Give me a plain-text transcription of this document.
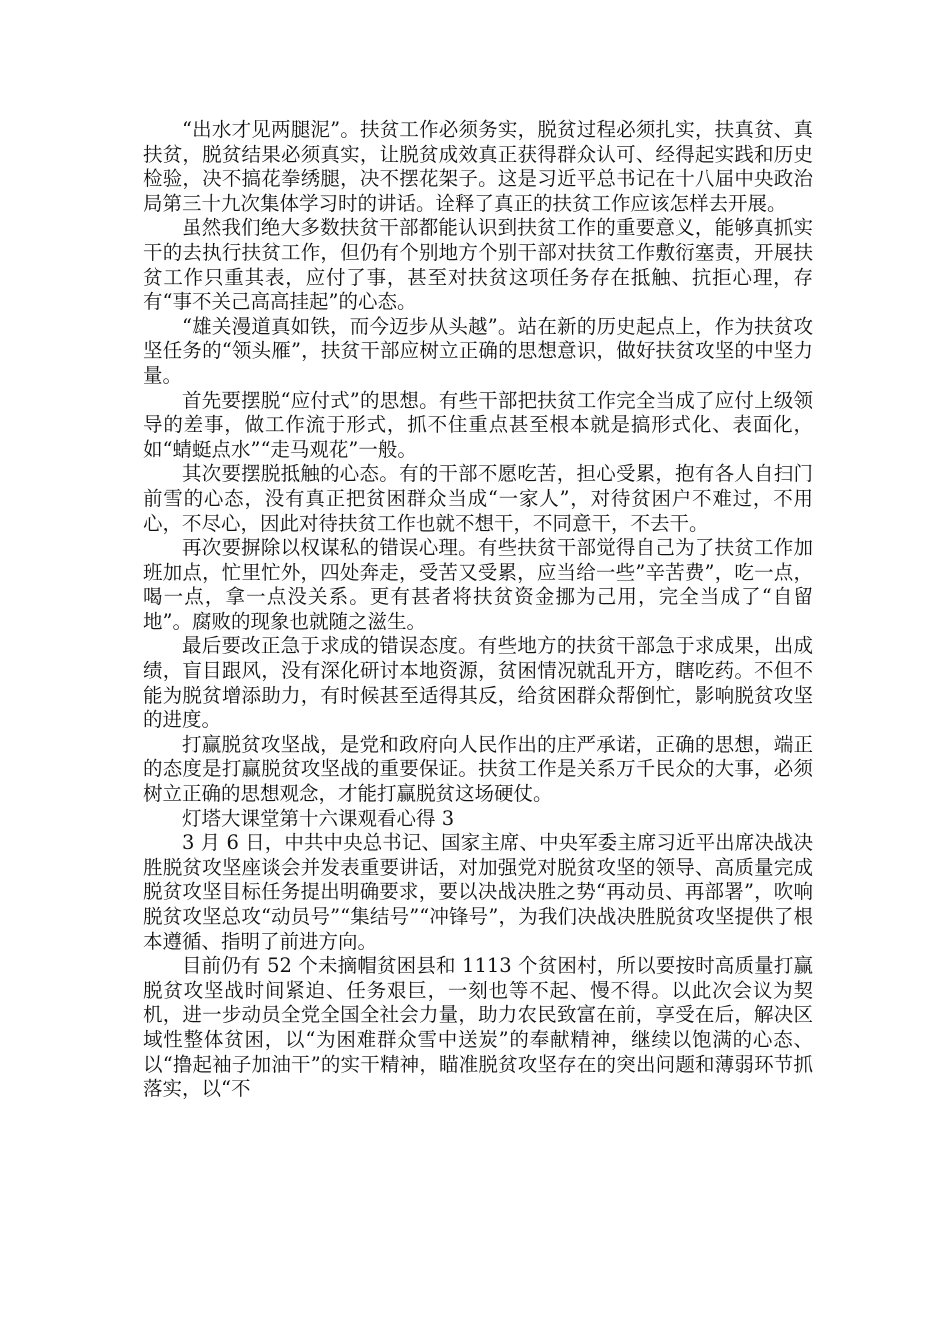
“出水才见两腿泥”。扶贫工作必须务实，脱贫过程必须扎实，扶真贫、真扶贫，脱贫结果必须真实，让脱贫成效真正获得群众认可、经得起实践和历史检验，决不搞花拳绣腿，决不摆花架子。这是习近平总书记在十八届中央政治局第三十九次集体学习时的讲话。诠释了真正的扶贫工作应该怎样去开展。

虽然我们绝大多数扶贫干部都能认识到扶贫工作的重要意义，能够真抓实干的去执行扶贫工作，但仍有个别地方个别干部对扶贫工作敷衍塞责，开展扶贫工作只重其表，应付了事，甚至对扶贫这项任务存在抵触、抗拒心理，存有“事不关己高高挂起”的心态。

“雄关漫道真如铁，而今迈步从头越”。站在新的历史起点上，作为扶贫攻坚任务的“领头雁”，扶贫干部应树立正确的思想意识，做好扶贫攻坚的中坚力量。

首先要摆脱“应付式”的思想。有些干部把扶贫工作完全当成了应付上级领导的差事，做工作流于形式，抓不住重点甚至根本就是搞形式化、表面化，如“蜻蜓点水”“走马观花”一般。

其次要摆脱抵触的心态。有的干部不愿吃苦，担心受累，抱有各人自扫门前雪的心态，没有真正把贫困群众当成“一家人”，对待贫困户不难过，不用心，不尽心，因此对待扶贫工作也就不想干，不同意干，不去干。

再次要摒除以权谋私的错误心理。有些扶贫干部觉得自己为了扶贫工作加班加点，忙里忙外，四处奔走，受苦又受累，应当给一些”辛苦费”，吃一点，喝一点，拿一点没关系。更有甚者将扶贫资金挪为己用，完全当成了“自留地”。腐败的现象也就随之滋生。

最后要改正急于求成的错误态度。有些地方的扶贫干部急于求成果，出成绩，盲目跟风，没有深化研讨本地资源，贫困情况就乱开方，瞎吃药。不但不能为脱贫增添助力，有时候甚至适得其反，给贫困群众帮倒忙，影响脱贫攻坚的进度。

打赢脱贫攻坚战，是党和政府向人民作出的庄严承诺，正确的思想，端正的态度是打赢脱贫攻坚战的重要保证。扶贫工作是关系万千民众的大事，必须树立正确的思想观念，才能打赢脱贫这场硬仗。

灯塔大课堂第十六课观看心得 3

3 月 6 日，中共中央总书记、国家主席、中央军委主席习近平出席决战决胜脱贫攻坚座谈会并发表重要讲话，对加强党对脱贫攻坚的领导、高质量完成脱贫攻坚目标任务提出明确要求，要以决战决胜之势“再动员、再部署”，吹响脱贫攻坚总攻“动员号”“集结号”“冲锋号”，为我们决战决胜脱贫攻坚提供了根本遵循、指明了前进方向。

目前仍有 52 个未摘帽贫困县和 1113 个贫困村，所以要按时高质量打赢脱贫攻坚战时间紧迫、任务艰巨，一刻也等不起、慢不得。以此次会议为契机，进一步动员全党全国全社会力量，助力农民致富在前，享受在后，解决区域性整体贫困，以“为困难群众雪中送炭”的奉献精神，继续以饱满的心态、以“撸起袖子加油干”的实干精神，瞄准脱贫攻坚存在的突出问题和薄弱环节抓落实，以“不
